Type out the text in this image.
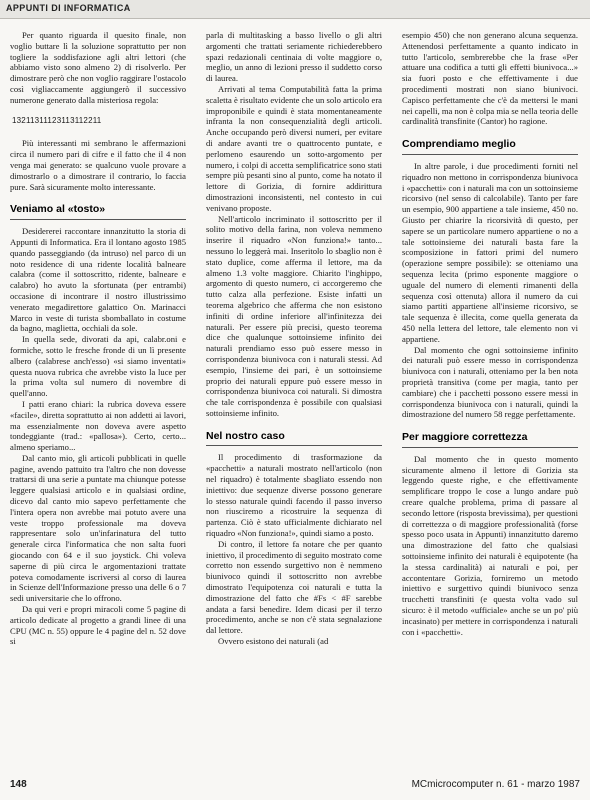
APPUNTI DI INFORMATICA

Per quanto riguarda il quesito finale, non voglio buttare lì la soluzione soprattutto per non togliere la soddisfazione agli altri lettori (che abbiamo visto sono almeno 2) di risolverlo. Per dimostrare però che non voglio raggirare l'ostacolo così vigliaccamente aggiungerò il successivo numerone generato dalla misteriosa regola:

13211311123113112211

Più interessanti mi sembrano le affermazioni circa il numero pari di cifre e il fatto che il 4 non venga mai generato: se qualcuno vuole provare a dimostrarlo o a dimostrare il contrario, lo faccia pure. Sarà sicuramente molto interessante.

Veniamo al «tosto»

Desidererei raccontare innanzitutto la storia di Appunti di Informatica. Era il lontano agosto 1985 quando passeggiando (da intruso) nel parco di un noto residence di una ridente località balneare calabra (come il sottoscritto, ridente, balneare e calabro) ho avuto la sfortunata (per entrambi) occasione di incontrare il nostro illustrissimo venerato megadirettore galattico On. Marinacci Marco in veste di turista sbomballato in costume da bagno, maglietta, occhiali da sole.

In quella sede, divorati da api, calabr.oni e formiche, sotto le fresche fronde di un lì presente albero (calabrese anch'esso) «si siamo inventati» questa nuova rubrica che avrebbe visto la luce per la prima volta sul numero di novembre di quell'anno.

I patti erano chiari: la rubrica doveva essere «facile», diretta soprattutto ai non addetti ai lavori, ma essenzialmente non doveva avere aspetto tondeggiante (trad.: «pallosa»). Certo, certo... almeno speriamo...

Dal canto mio, gli articoli pubblicati in quelle pagine, avendo pattuito tra l'altro che non dovesse trattarsi di una serie a puntate ma chiunque potesse leggere qualsiasi articolo e in qualsiasi ordine, dicevo dal canto mio sapevo perfettamente che l'intera opera non avrebbe mai potuto avere una veste troppo professionale ma doveva rappresentare solo un'infarinatura del tutto generale circa l'informatica che non salta fuori giocando con 64 e il suo joystick. Chi voleva saperne di più circa le argomentazioni trattate poteva comodamente iscriversi al corso di laurea in Scienze dell'Informazione presso una delle 6 o 7 sedi universitarie che lo offrono.

Da qui veri e propri miracoli come 5 pagine di articolo dedicate al progetto a grandi linee di una CPU (MC n. 55) oppure le 4 pagine del n. 52 dove si

parla di multitasking a basso livello o gli altri argomenti che trattati seriamente richiederebbero spazi redazionali centinaia di volte maggiore o, meglio, un anno di lezioni presso il suddetto corso di laurea.

Arrivati al tema Computabilità fatta la prima scaletta è risultato evidente che un solo articolo era improponibile e quindi è stata momentaneamente infranta la non consequenzialità degli articoli. Anche occupando però diversi numeri, per evitare di andare avanti tre o quattrocento puntate, e perlomeno esaurendo un sotto-argomento per numero, i colpi di accetta semplificatrice sono stati sempre più pesanti sino al punto, come ha notato il lettore di Gorizia, di fornire addirittura dimostrazioni inconsistenti, nel contesto in cui venivano proposte.

Nell'articolo incriminato il sottoscritto per il solito motivo della farina, non voleva nemmeno inserire il riquadro «Non funziona!» tanto... nessuno lo leggerà mai. Inseritolo lo sbaglio non è stato duplice, come afferma il lettore, ma da almeno 1.3 volte maggiore. Chiarito l'inghippo, argomento di questo numero, ci accorgeremo che tutto calza alla perfezione. Esiste infatti un teorema algebrico che afferma che non esistono infiniti di ordine inferiore all'infinitezza dei naturali. Per essere più precisi, questo teorema dice che qualunque sottoinsieme infinito dei naturali prendiamo esso può essere messo in corrispondenza biunivoca con i naturali stessi. Ad esempio, l'insieme dei pari, è un sottoinsieme proprio dei naturali eppure può essere messo in corrispondenza biunivoca coi naturali. Si dimostra che tale corrispondenza è possibile con qualsiasi sottoinsieme infinito.

Nel nostro caso

Il procedimento di trasformazione da «pacchetti» a naturali mostrato nell'articolo (non nel riquadro) è totalmente sbagliato essendo non iniettivo: due sequenze diverse possono generare lo stesso naturale quindi facendo il passo inverso non riusciremo a ricostruire la sequenza di partenza. Ciò è stato ufficialmente dichiarato nel riquadro «Non funziona!», quindi siamo a posto.

Di contro, il lettore fa notare che per quanto iniettivo, il procedimento di seguito mostrato come corretto non essendo surgettivo non è nemmeno biunivoco quindi il sottoscritto non avrebbe dimostrato l'equipotenza coi naturali e tutta la dimostrazione del fatto che #Fs < #F sarebbe andata a farsi benedire. Idem dicasi per il terzo procedimento, anche se non c'è stata segnalazione dal lettore.

Ovvero esistono dei naturali (ad

esempio 450) che non generano alcuna sequenza. Attenendosi perfettamente a quanto indicato in tutto l'articolo, sembrerebbe che la frase «Per attuare una codifica a tutti gli effetti biunivoca...» sia fuori posto e che effettivamente i due procedimenti mostrati non siano biunivoci. Capisco perfettamente che c'è da mettersi le mani nei capelli, ma non è colpa mia se nella teoria delle cardinalità transfinite (Cantor) ho ragione.

Comprendiamo meglio

In altre parole, i due procedimenti forniti nel riquadro non mettono in corrispondenza biunivoca i «pacchetti» con i naturali ma con un sottoinsieme ricorsivo (nel senso di calcolabile). Tanto per fare un esempio, 900 appartiene a tale insieme, 450 no. Giusto per chiarire la ricorsività di questo, per sapere se un particolare numero appartiene o no a tale sottoinsieme dei naturali basta fare la scomposizione in fattori primi del numero (operazione sempre possibile): se otteniamo una sequenza lecita (primo esponente maggiore o uguale del numero di elementi rimanenti della sequenza così ottenuta) allora il numero da cui siamo partiti appartiene all'insieme ricorsivo, se tale sequenza è illecita, come quella generata da 450 nella lettera del lettore, tale elemento non vi appartiene.

Dal momento che ogni sottoinsieme infinito dei naturali può essere messo in corrispondenza biunivoca con i naturali, otteniamo per la ben nota proprietà transitiva (come per magia, tanto per cambiare) che i pacchetti possono essere messi in corrispondenza biunivoca con i naturali, quindi la dimostrazione del numero 58 regge perfettamente.

Per maggiore correttezza

Dal momento che in questo momento sicuramente almeno il lettore di Gorizia sta leggendo queste righe, e che effettivamente semplificare troppo le cose a lungo andare può creare qualche problema, prima di passare al secondo lettore (risposta brevissima), per questioni di correttezza o di maggiore professionalità (forse spesso poco usata in Appunti) innanzitutto daremo una dimostrazione del fatto che qualsiasi sottoinsieme infinito dei naturali è equipotente (ha la stessa cardinalità) ai naturali e poi, per accontentare Gorizia, forniremo un metodo iniettivo e surgettivo quindi biunivoco senza trucchetti transfiniti (e questa volta vado sul sicuro: è il metodo «ufficiale» anche se un po' più incasinato) per mettere in corrispondenza i naturali con i «pacchetti».

148	MCmicrocomputer n. 61 - marzo 1987
